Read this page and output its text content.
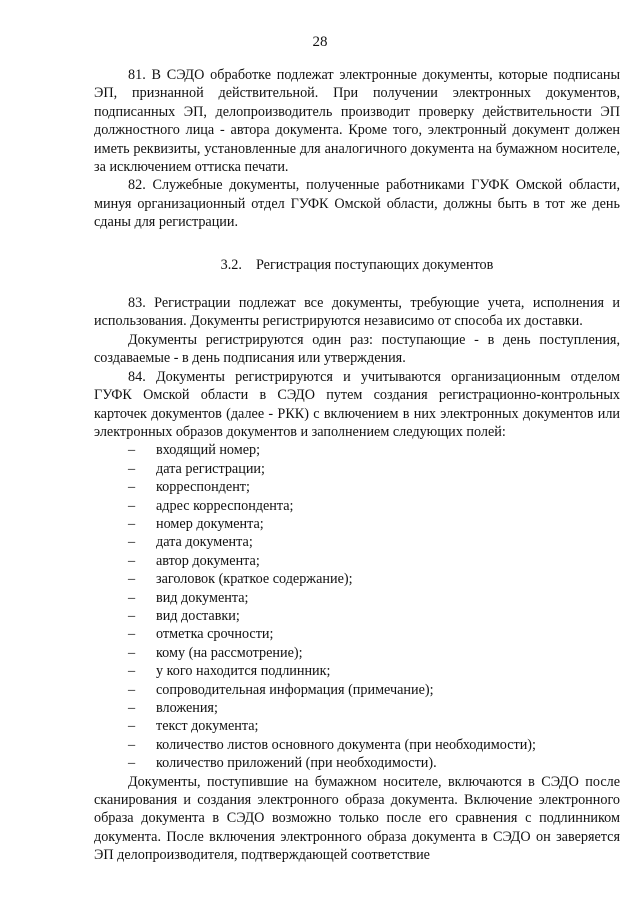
28

81. В СЭДО обработке подлежат электронные документы, которые подписаны ЭП, признанной действительной. При получении электронных документов, подписанных ЭП, делопроизводитель производит проверку действительности ЭП должностного лица - автора документа. Кроме того, электронный документ должен иметь реквизиты, установленные для аналогичного документа на бумажном носителе, за исключением оттиска печати.

82. Служебные документы, полученные работниками ГУФК Омской области, минуя организационный отдел ГУФК Омской области, должны быть в тот же день сданы для регистрации.

3.2. Регистрация поступающих документов

83. Регистрации подлежат все документы, требующие учета, исполнения и использования. Документы регистрируются независимо от способа их доставки.

Документы регистрируются один раз: поступающие - в день поступления, создаваемые - в день подписания или утверждения.

84. Документы регистрируются и учитываются организационным отделом ГУФК Омской области в СЭДО путем создания регистрационно-контрольных карточек документов (далее - РКК) с включением в них электронных документов или электронных образов документов и заполнением следующих полей:

– входящий номер;
– дата регистрации;
– корреспондент;
– адрес корреспондента;
– номер документа;
– дата документа;
– автор документа;
– заголовок (краткое содержание);
– вид документа;
– вид доставки;
– отметка срочности;
– кому (на рассмотрение);
– у кого находится подлинник;
– сопроводительная информация (примечание);
– вложения;
– текст документа;
– количество листов основного документа (при необходимости);
– количество приложений (при необходимости).

Документы, поступившие на бумажном носителе, включаются в СЭДО после сканирования и создания электронного образа документа. Включение электронного образа документа в СЭДО возможно только после его сравнения с подлинником документа. После включения электронного образа документа в СЭДО он заверяется ЭП делопроизводителя, подтверждающей соответствие
